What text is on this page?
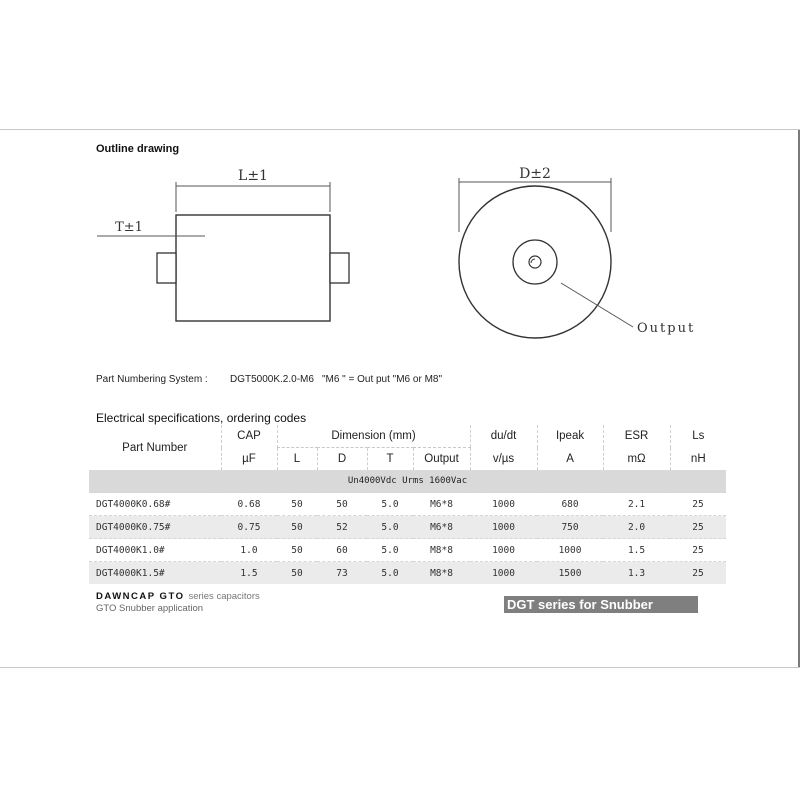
Outline drawing
L±1
T±1
D±2
Output
Part Numbering System : DGT5000K.2.0-M6 "M6 " = Out put "M6 or M8"
Electrical specifications, ordering codes
Part Number	CAP	Dimension (mm)				du/dt	Ipeak	ESR	Ls
	µF	L	D	T	Output	v/µs	A	mΩ	nH
Un4000Vdc Urms 1600Vac									
DGT4000K0.68#	0.68	50	50	5.0	M6*8	1000	680	2.1	25
DGT4000K0.75#	0.75	50	52	5.0	M6*8	1000	750	2.0	25
DGT4000K1.0#	1.0	50	60	5.0	M8*8	1000	1000	1.5	25
DGT4000K1.5#	1.5	50	73	5.0	M8*8	1000	1500	1.3	25
DAWNCAP GTO series capacitors
GTO Snubber application	DGT series for Snubber
